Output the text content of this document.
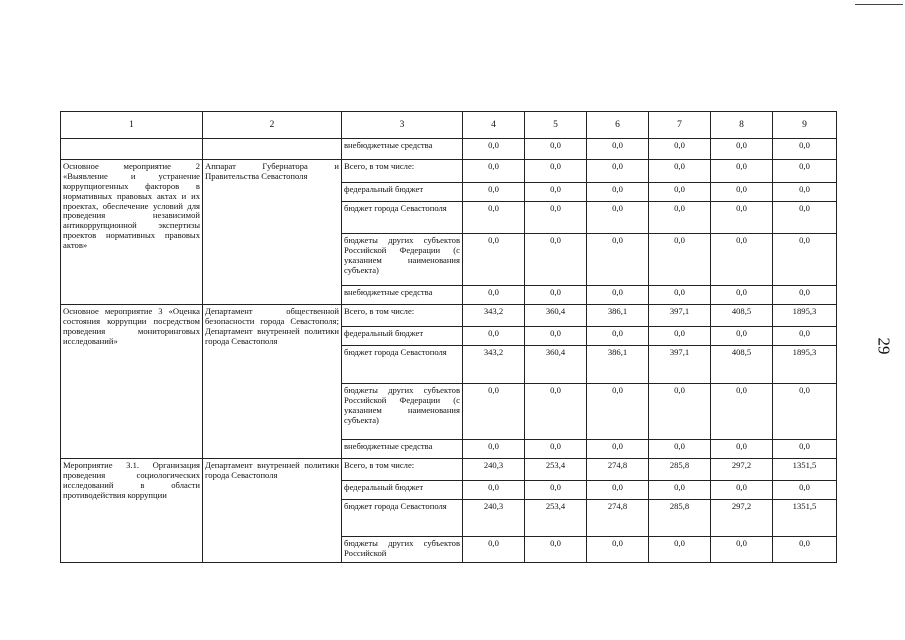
29
1	2	3	4	5	6	7	8	9
		внебюджетные средства	0,0	0,0	0,0	0,0	0,0	0,0
Основное мероприятие 2 «Выявление и устранение коррупциогенных факторов в нормативных правовых актах и их проектах, обеспечение условий для проведения независимой антикоррупционной экспертизы проектов нормативных правовых актов»	Аппарат Губернатора и Правительства Севастополя	Всего, в том числе:	0,0	0,0	0,0	0,0	0,0	0,0
		федеральный бюджет	0,0	0,0	0,0	0,0	0,0	0,0
		бюджет города Севастополя	0,0	0,0	0,0	0,0	0,0	0,0
		бюджеты других субъектов Российской Федерации (с указанием наименования субъекта)	0,0	0,0	0,0	0,0	0,0	0,0
		внебюджетные средства	0,0	0,0	0,0	0,0	0,0	0,0
Основное мероприятие 3 «Оценка состояния коррупции посредством проведения мониторинговых исследований»	Департамент общественной безопасности города Севастополя; Департамент внутренней политики города Севастополя	Всего, в том числе:	343,2	360,4	386,1	397,1	408,5	1895,3
		федеральный бюджет	0,0	0,0	0,0	0,0	0,0	0,0
		бюджет города Севастополя	343,2	360,4	386,1	397,1	408,5	1895,3
		бюджеты других субъектов Российской Федерации (с указанием наименования субъекта)	0,0	0,0	0,0	0,0	0,0	0,0
		внебюджетные средства	0,0	0,0	0,0	0,0	0,0	0,0
Мероприятие 3.1. Организация проведения социологических исследований в области противодействия коррупции	Департамент внутренней политики города Севастополя	Всего, в том числе:	240,3	253,4	274,8	285,8	297,2	1351,5
		федеральный бюджет	0,0	0,0	0,0	0,0	0,0	0,0
		бюджет города Севастополя	240,3	253,4	274,8	285,8	297,2	1351,5
		бюджеты других субъектов Российской	0,0	0,0	0,0	0,0	0,0	0,0
